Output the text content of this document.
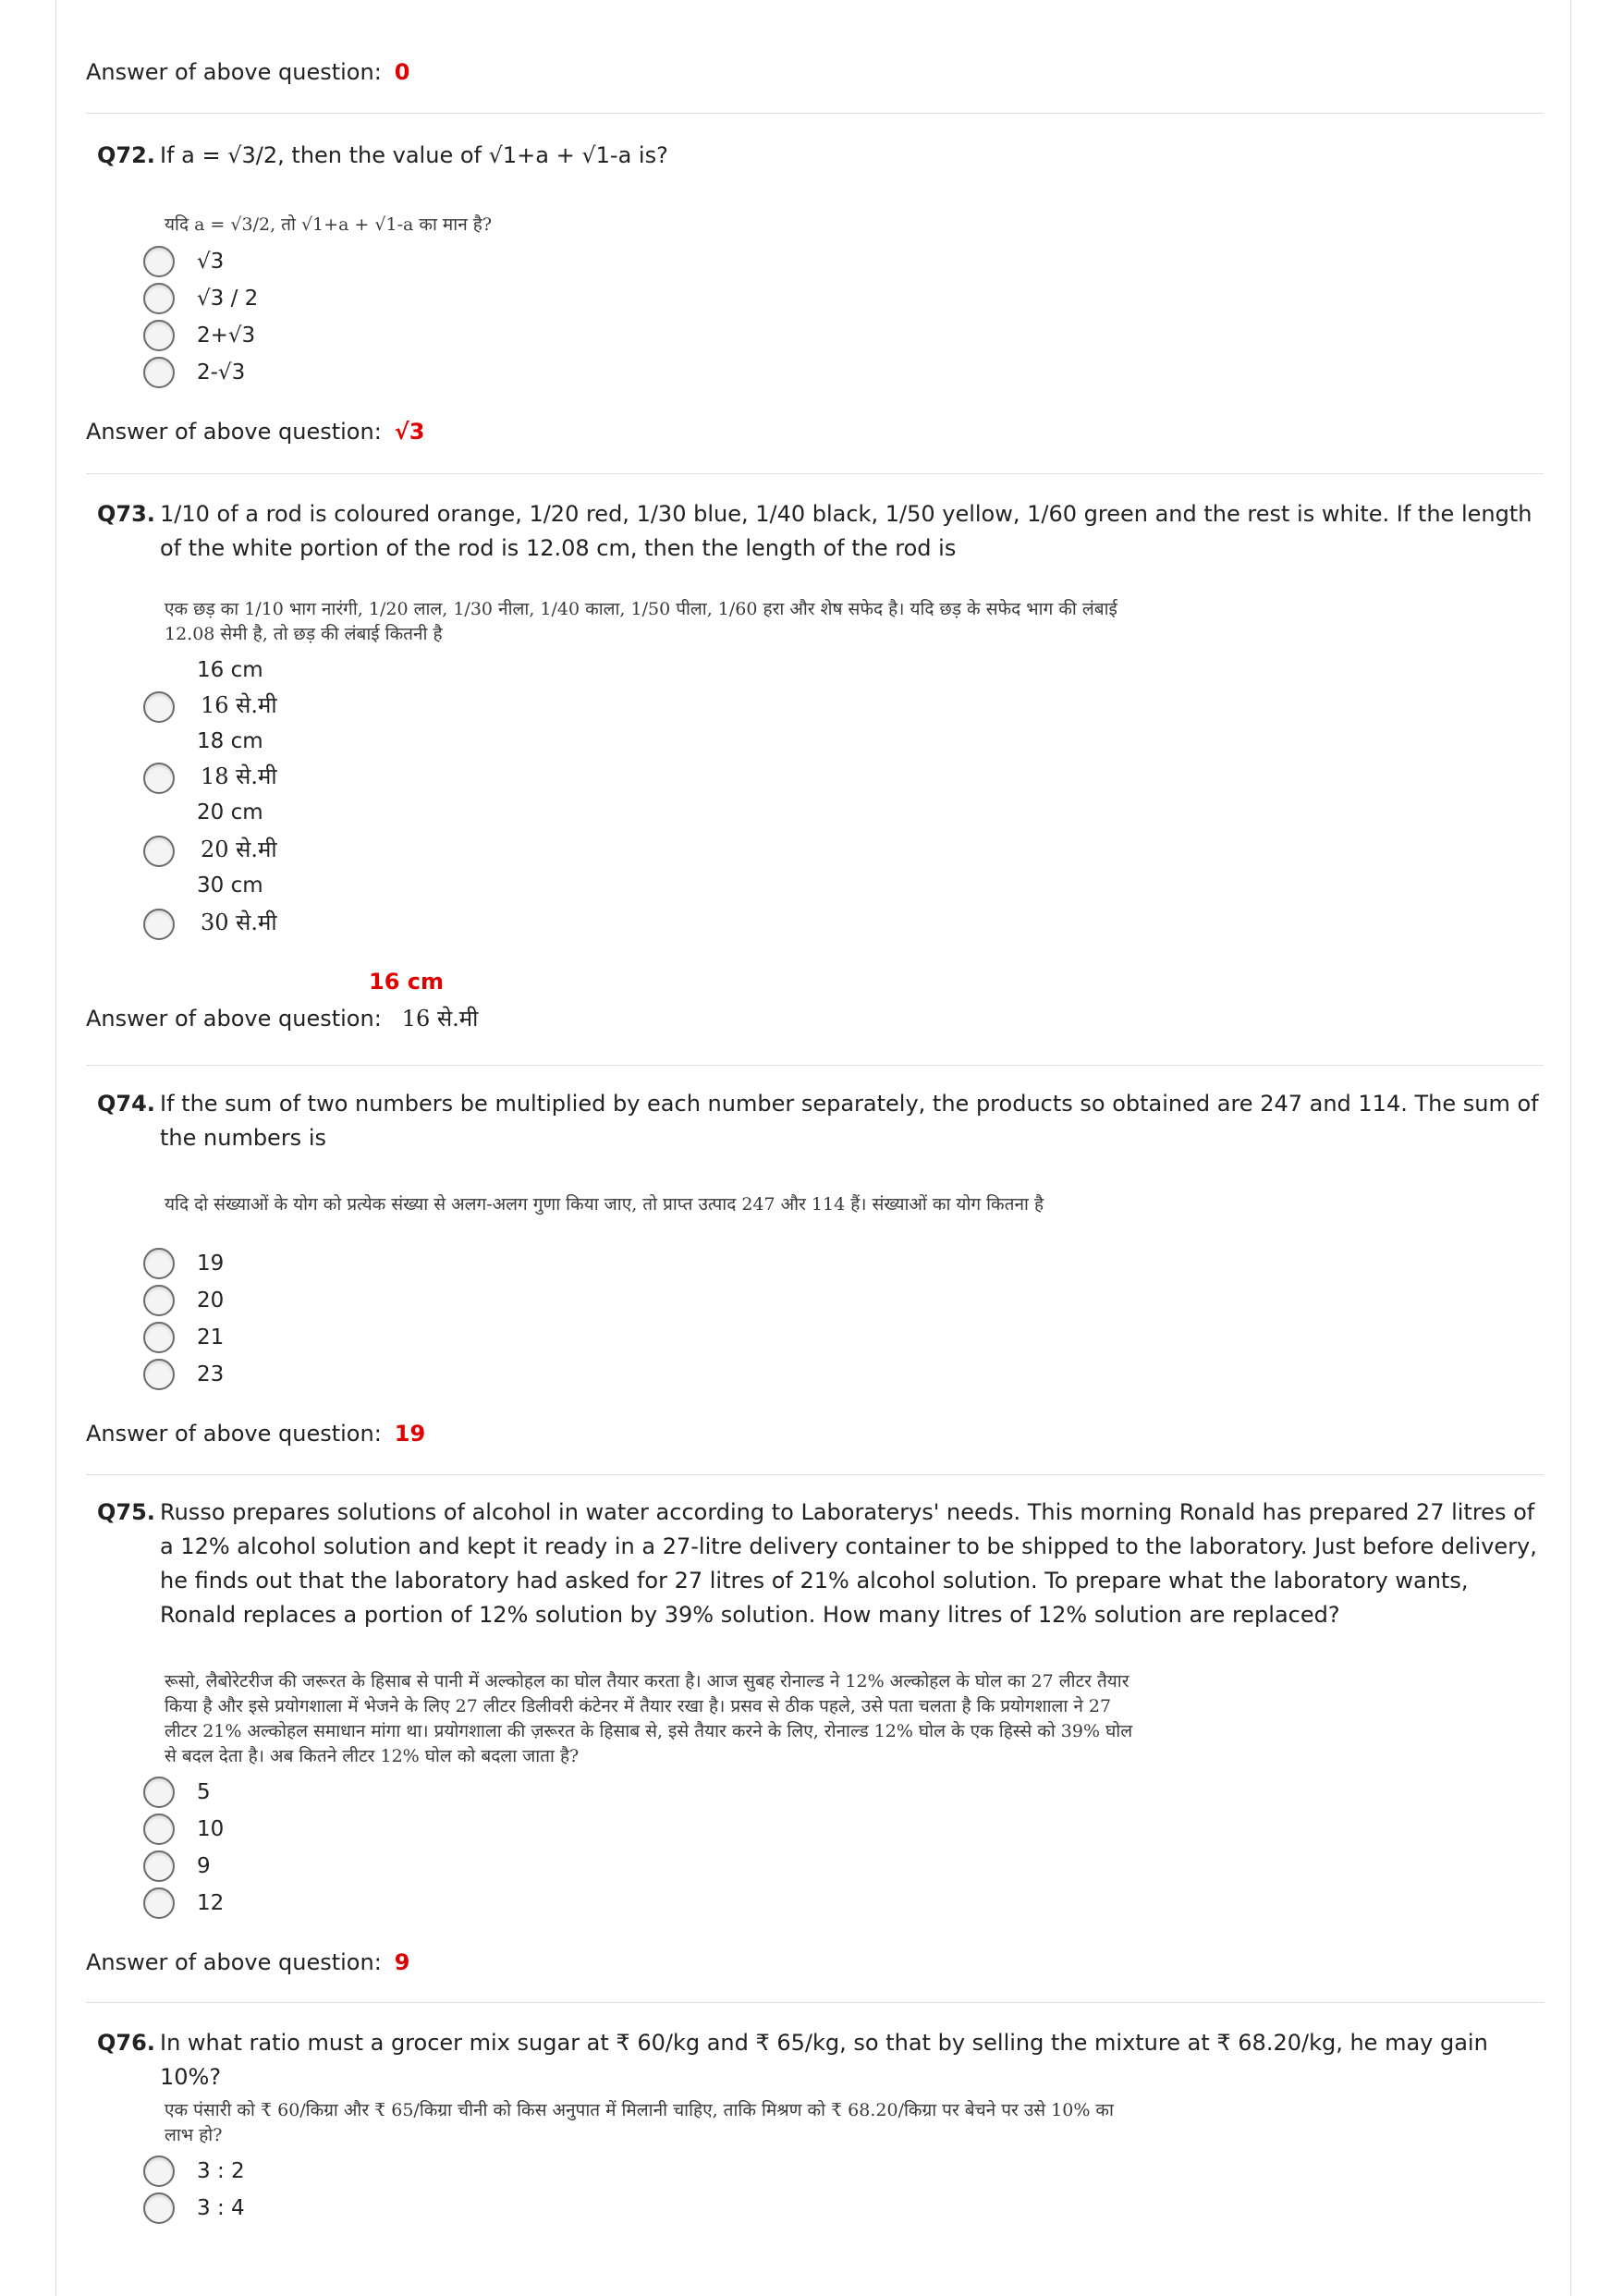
Answer of above question: 0
Q72. If a = √3/2, then the value of √1+a + √1-a is?
यदि a = √3/2, तो √1+a + √1-a का मान है?
√3
√3 / 2
2+√3
2-√3
Answer of above question: √3
Q73. 1/10 of a rod is coloured orange, 1/20 red, 1/30 blue, 1/40 black, 1/50 yellow, 1/60 green and the rest is white. If the length of the white portion of the rod is 12.08 cm, then the length of the rod is
एक छड़ का 1/10 भाग नारंगी, 1/20 लाल, 1/30 नीला, 1/40 काला, 1/50 पीला, 1/60 हरा और शेष सफेद है। यदि छड़ के सफेद भाग की लंबाई 12.08 सेमी है, तो छड़ की लंबाई कितनी है
16 cm
16 से.मी
18 cm
18 से.मी
20 cm
20 से.मी
30 cm
30 से.मी
16 cm
Answer of above question: 16 से.मी
Q74. If the sum of two numbers be multiplied by each number separately, the products so obtained are 247 and 114. The sum of the numbers is
यदि दो संख्याओं के योग को प्रत्येक संख्या से अलग-अलग गुणा किया जाए, तो प्राप्त उत्पाद 247 और 114 हैं। संख्याओं का योग कितना है
19
20
21
23
Answer of above question: 19
Q75. Russo prepares solutions of alcohol in water according to Laboraterys' needs. This morning Ronald has prepared 27 litres of a 12% alcohol solution and kept it ready in a 27-litre delivery container to be shipped to the laboratory. Just before delivery, he finds out that the laboratory had asked for 27 litres of 21% alcohol solution. To prepare what the laboratory wants, Ronald replaces a portion of 12% solution by 39% solution. How many litres of 12% solution are replaced?
रूसो, लैबोरेटरीज की जरूरत के हिसाब से पानी में अल्कोहल का घोल तैयार करता है। आज सुबह रोनाल्ड ने 12% अल्कोहल के घोल का 27 लीटर तैयार किया है और इसे प्रयोगशाला में भेजने के लिए 27 लीटर डिलीवरी कंटेनर में तैयार रखा है। प्रसव से ठीक पहले, उसे पता चलता है कि प्रयोगशाला ने 27 लीटर 21% अल्कोहल समाधान मांगा था। प्रयोगशाला की ज़रूरत के हिसाब से, इसे तैयार करने के लिए, रोनाल्ड 12% घोल के एक हिस्से को 39% घोल से बदल देता है। अब कितने लीटर 12% घोल को बदला जाता है?
5
10
9
12
Answer of above question: 9
Q76. In what ratio must a grocer mix sugar at ₹ 60/kg and ₹ 65/kg, so that by selling the mixture at ₹ 68.20/kg, he may gain 10%?
एक पंसारी को ₹ 60/किग्रा और ₹ 65/किग्रा चीनी को किस अनुपात में मिलानी चाहिए, ताकि मिश्रण को ₹ 68.20/किग्रा पर बेचने पर उसे 10% का लाभ हो?
3 : 2
3 : 4
